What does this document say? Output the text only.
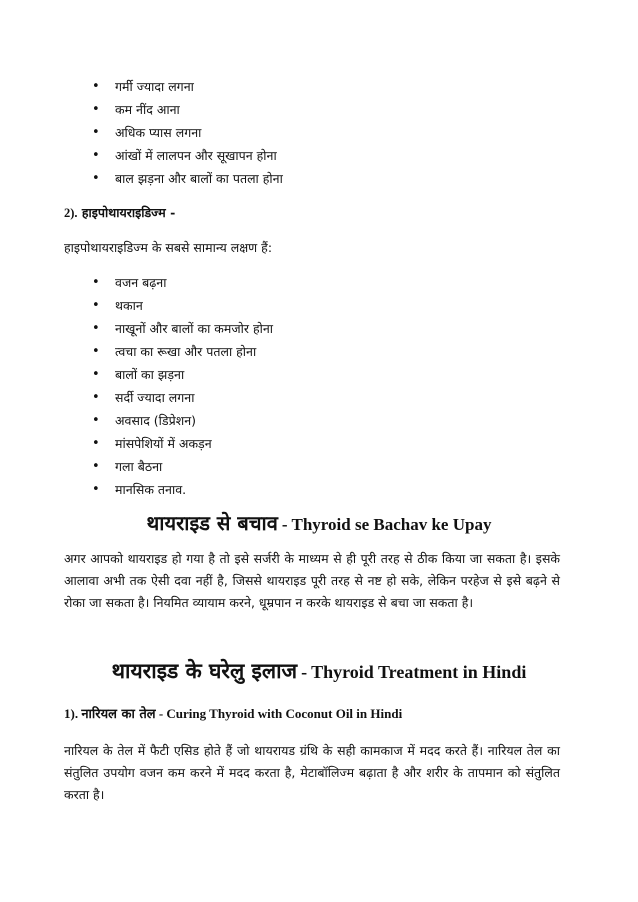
• गर्मी ज्यादा लगना
• कम नींद आना
• अधिक प्यास लगना
• आंखों में लालपन और सूखापन होना
• बाल झड़ना और बालों का पतला होना
2). हाइपोथायराइडिज्म -
हाइपोथायराइडिज्म के सबसे सामान्य लक्षण हैं:
• वजन बढ़ना
• थकान
• नाखूनों और बालों का कमजोर होना
• त्वचा का रूखा और पतला होना
• बालों का झड़ना
• सर्दी ज्यादा लगना
• अवसाद (डिप्रेशन)
• मांसपेशियों में अकड़न
• गला बैठना
• मानसिक तनाव.
थायराइड से बचाव - Thyroid se Bachav ke Upay
अगर आपको थायराइड हो गया है तो इसे सर्जरी के माध्यम से ही पूरी तरह से ठीक किया जा सकता है। इसके आलावा अभी तक ऐसी दवा नहीं है, जिससे थायराइड पूरी तरह से नष्ट हो सके, लेकिन परहेज से इसे बढ़ने से रोका जा सकता है। नियमित व्यायाम करने, धूम्रपान न करके थायराइड से बचा जा सकता है।
थायराइड के घरेलु इलाज - Thyroid Treatment in Hindi
1). नारियल का तेल - Curing Thyroid with Coconut Oil in Hindi
नारियल के तेल में फैटी एसिड होते हैं जो थायरायड ग्रंथि के सही कामकाज में मदद करते हैं। नारियल तेल का संतुलित उपयोग वजन कम करने में मदद करता है, मेटाबॉलिज्म बढ़ाता है और शरीर के तापमान को संतुलित करता है।
